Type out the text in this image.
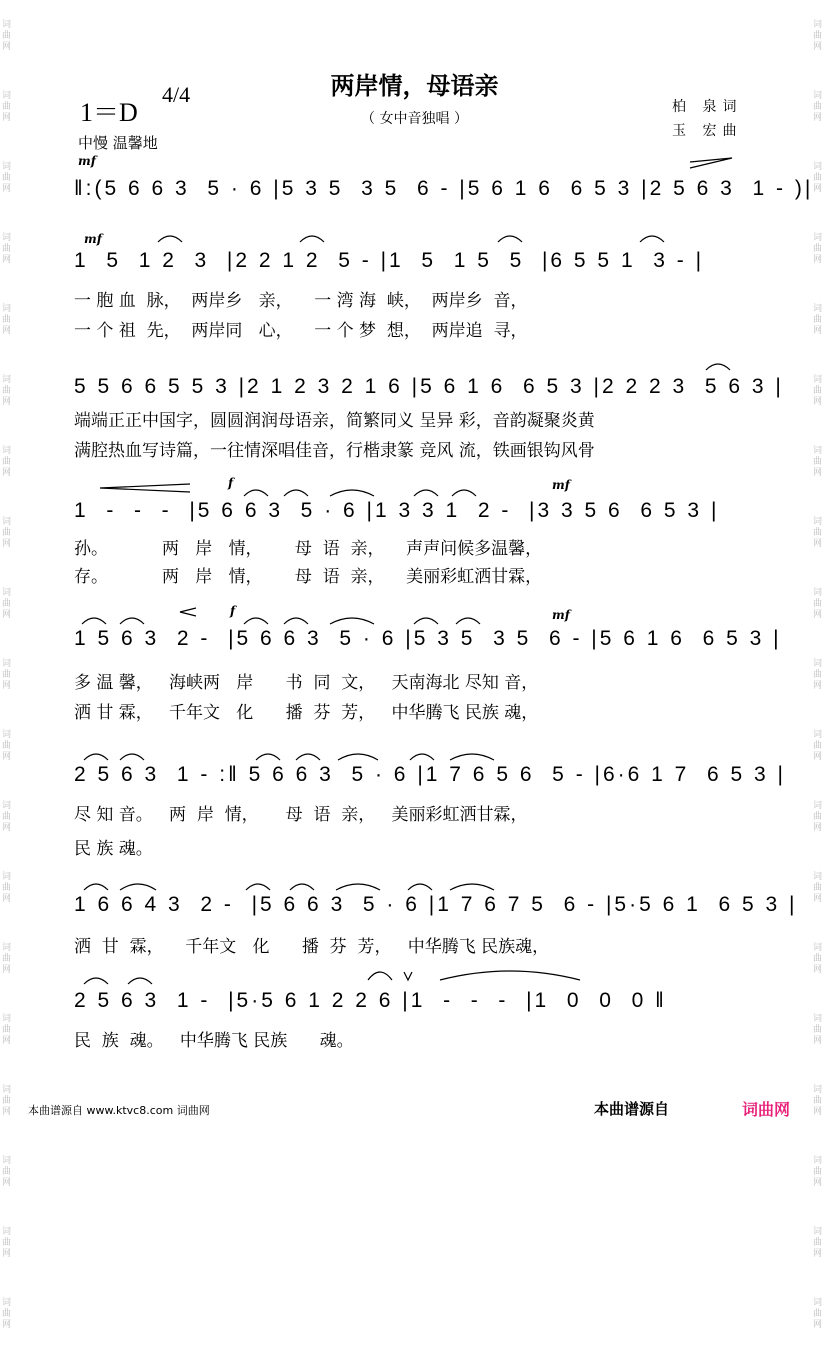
词曲网
词曲网
词曲网
词曲网
词曲网
词曲网
词曲网
词曲网
词曲网
词曲网
词曲网
词曲网
词曲网
词曲网
词曲网
词曲网
词曲网
词曲网
词曲网
词曲网
词曲网
词曲网
词曲网
词曲网
词曲网
词曲网
词曲网
词曲网
词曲网
词曲网
词曲网
词曲网
词曲网
词曲网
词曲网
词曲网
词曲网
词曲网
两岸情，母语亲
（ 女中音独唱 ）
1＝D
4/4
中慢 温馨地
柏 泉词
玉 宏曲
mf
‖:(5 6 6 3  5 · 6 |5 3 5  3 5  6 - |5 6 1 6  6 5 3 |2 5 6 3  1 - )|
mf
1  5  1 2  3  |2 2 1 2  5 - |1  5  1 5  5  |6 5 5 1  3 - |
一 胞 血  脉，  两岸乡   亲，    一 湾 海  峡，  两岸乡  音，
一 个 祖  先，  两岸同   心，    一 个 梦  想，  两岸追  寻，
5 5 6 6 5 5 3 |2 1 2 3 2 1 6 |5 6 1 6  6 5 3 |2 2 2 3  5 6 3 |
端端正正中国字，圆圆润润母语亲，简繁同义 呈异 彩，音韵凝聚炎黄
满腔热血写诗篇，一往情深唱佳音，行楷隶篆 竞风 流，铁画银钩风骨
f	mf
1  -  -  -  |5 6 6 3  5 · 6 |1 3 3 1  2 -  |3 3 5 6  6 5 3 |
孙。          两   岸   情，      母  语  亲，    声声问候多温馨，
存。          两   岸   情，      母  语  亲，    美丽彩虹洒甘霖，
f	mf
1 5 6 3  2 -  |5 6 6 3  5 · 6 |5 3 5  3 5  6 - |5 6 1 6  6 5 3 |
多 温 馨，   海峡两   岸      书  同  文，   天南海北 尽知 音，
洒 甘 霖，   千年文   化      播  芬  芳，   中华腾飞 民族 魂，
2 5 6 3  1 - :‖ 5 6 6 3  5 · 6 |1 7 6 5 6  5 - |6·6 1 7  6 5 3 |
尽 知 音。   两  岸  情，     母  语  亲，   美丽彩虹洒甘霖，
民 族 魂。
1 6 6 4 3  2 -  |5 6 6 3  5 · 6 |1 7 6 7 5  6 - |5·5 6 1  6 5 3 |
洒  甘  霖，    千年文   化      播  芬  芳，   中华腾飞 民族魂，
2 5 6 3  1 -  |5·5 6 1 2 2 6 |1  -  -  -  |1  0  0  0 ‖
民  族  魂。   中华腾飞 民族      魂。
本曲谱源自 www.ktvc8.com 词曲网	本曲谱源自	词曲网
